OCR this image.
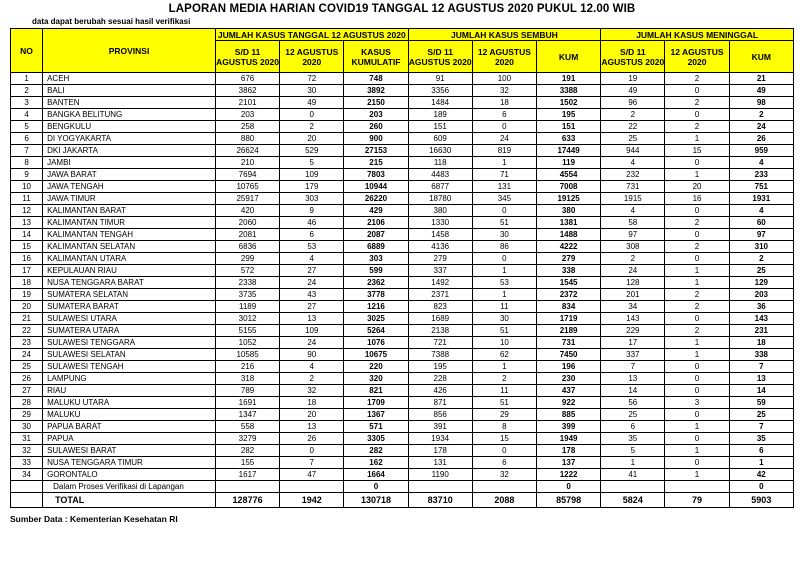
LAPORAN MEDIA HARIAN COVID19 TANGGAL 12 AGUSTUS 2020 PUKUL 12.00 WIB
data dapat berubah sesuai hasil verifikasi
NO	PROVINSI	JUMLAH KASUS TANGGAL 12 AGUSTUS 2020			JUMLAH KASUS SEMBUH			JUMLAH KASUS MENINGGAL		
		S/D 11 AGUSTUS 2020	12 AGUSTUS 2020	KASUS KUMULATIF	S/D 11 AGUSTUS 2020	12 AGUSTUS 2020	KUM	S/D 11 AGUSTUS 2020	12 AGUSTUS 2020	KUM

1	ACEH	676	72	748	91	100	191	19	2	21
2	BALI	3862	30	3892	3356	32	3388	49	0	49
3	BANTEN	2101	49	2150	1484	18	1502	96	2	98
4	BANGKA BELITUNG	203	0	203	189	6	195	2	0	2
5	BENGKULU	258	2	260	151	0	151	22	2	24
6	DI YOGYAKARTA	880	20	900	609	24	633	25	1	26
7	DKI JAKARTA	26624	529	27153	16630	819	17449	944	15	959
8	JAMBI	210	5	215	118	1	119	4	0	4
9	JAWA BARAT	7694	109	7803	4483	71	4554	232	1	233
10	JAWA TENGAH	10765	179	10944	6877	131	7008	731	20	751
11	JAWA TIMUR	25917	303	26220	18780	345	19125	1915	16	1931
12	KALIMANTAN BARAT	420	9	429	380	0	380	4	0	4
13	KALIMANTAN TIMUR	2060	46	2106	1330	51	1381	58	2	60
14	KALIMANTAN TENGAH	2081	6	2087	1458	30	1488	97	0	97
15	KALIMANTAN SELATAN	6836	53	6889	4136	86	4222	308	2	310
16	KALIMANTAN UTARA	299	4	303	279	0	279	2	0	2
17	KEPULAUAN RIAU	572	27	599	337	1	338	24	1	25
18	NUSA TENGGARA BARAT	2338	24	2362	1492	53	1545	128	1	129
19	SUMATERA SELATAN	3735	43	3778	2371	1	2372	201	2	203
20	SUMATERA BARAT	1189	27	1216	823	11	834	34	2	36
21	SULAWESI UTARA	3012	13	3025	1689	30	1719	143	0	143
22	SUMATERA UTARA	5155	109	5264	2138	51	2189	229	2	231
23	SULAWESI TENGGARA	1052	24	1076	721	10	731	17	1	18
24	SULAWESI SELATAN	10585	90	10675	7388	62	7450	337	1	338
25	SULAWESI TENGAH	216	4	220	195	1	196	7	0	7
26	LAMPUNG	318	2	320	228	2	230	13	0	13
27	RIAU	789	32	821	426	11	437	14	0	14
28	MALUKU UTARA	1691	18	1709	871	51	922	56	3	59
29	MALUKU	1347	20	1367	856	29	885	25	0	25
30	PAPUA BARAT	558	13	571	391	8	399	6	1	7
31	PAPUA	3279	26	3305	1934	15	1949	35	0	35
32	SULAWESI BARAT	282	0	282	178	0	178	5	1	6
33	NUSA TENGGARA TIMUR	155	7	162	131	6	137	1	0	1
34	GORONTALO	1617	47	1664	1190	32	1222	41	1	42
	Dalam Proses Verifikasi di Lapangan			0			0			0
	TOTAL	128776	1942	130718	83710	2088	85798	5824	79	5903
Sumber Data : Kementerian Kesehatan RI
